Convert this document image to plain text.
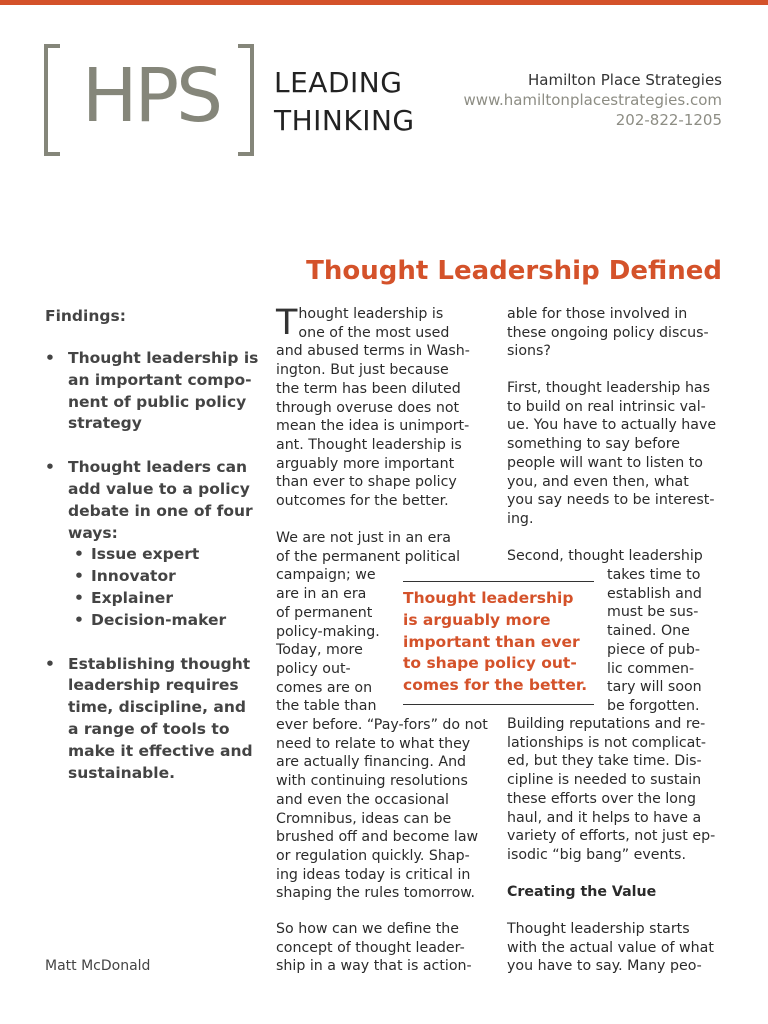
HPS	LEADING
THINKING
Hamilton Place Strategies
www.hamiltonplacestrategies.com
202-822-1205
Thought Leadership Defined
Findings:
• Thought leadership is
an important compo-
nent of public policy
strategy
• Thought leaders can
add value to a policy
debate in one of four
ways:
• Issue expert
• Innovator
• Explainer
• Decision-maker
• Establishing thought
leadership requires
time, discipline, and
a range of tools to
make it effective and
sustainable.
Matt McDonald
T hought leadership is
one of the most used
and abused terms in Wash-
ington. But just because
the term has been diluted
through overuse does not
mean the idea is unimport-
ant. Thought leadership is
arguably more important
than ever to shape policy
outcomes for the better.
We are not just in an era
of the permanent political
campaign; we
are in an era
of permanent
policy-making.
Today, more
policy out-
comes are on
the table than
ever before. “Pay-fors” do not
need to relate to what they
are actually financing. And
with continuing resolutions
and even the occasional
Cromnibus, ideas can be
brushed off and become law
or regulation quickly. Shap-
ing ideas today is critical in
shaping the rules tomorrow.
So how can we define the
concept of thought leader-
ship in a way that is action-
able for those involved in
these ongoing policy discus-
sions?
First, thought leadership has
to build on real intrinsic val-
ue. You have to actually have
something to say before
people will want to listen to
you, and even then, what
you say needs to be interest-
ing.
Second, thought leadership
takes time to
establish and
must be sus-
tained. One
piece of pub-
lic commen-
tary will soon
be forgotten.
Building reputations and re-
lationships is not complicat-
ed, but they take time. Dis-
cipline is needed to sustain
these efforts over the long
haul, and it helps to have a
variety of efforts, not just ep-
isodic “big bang” events.
Creating the Value
Thought leadership starts
with the actual value of what
you have to say. Many peo-
Thought leadership
is arguably more
important than ever
to shape policy out-
comes for the better.
